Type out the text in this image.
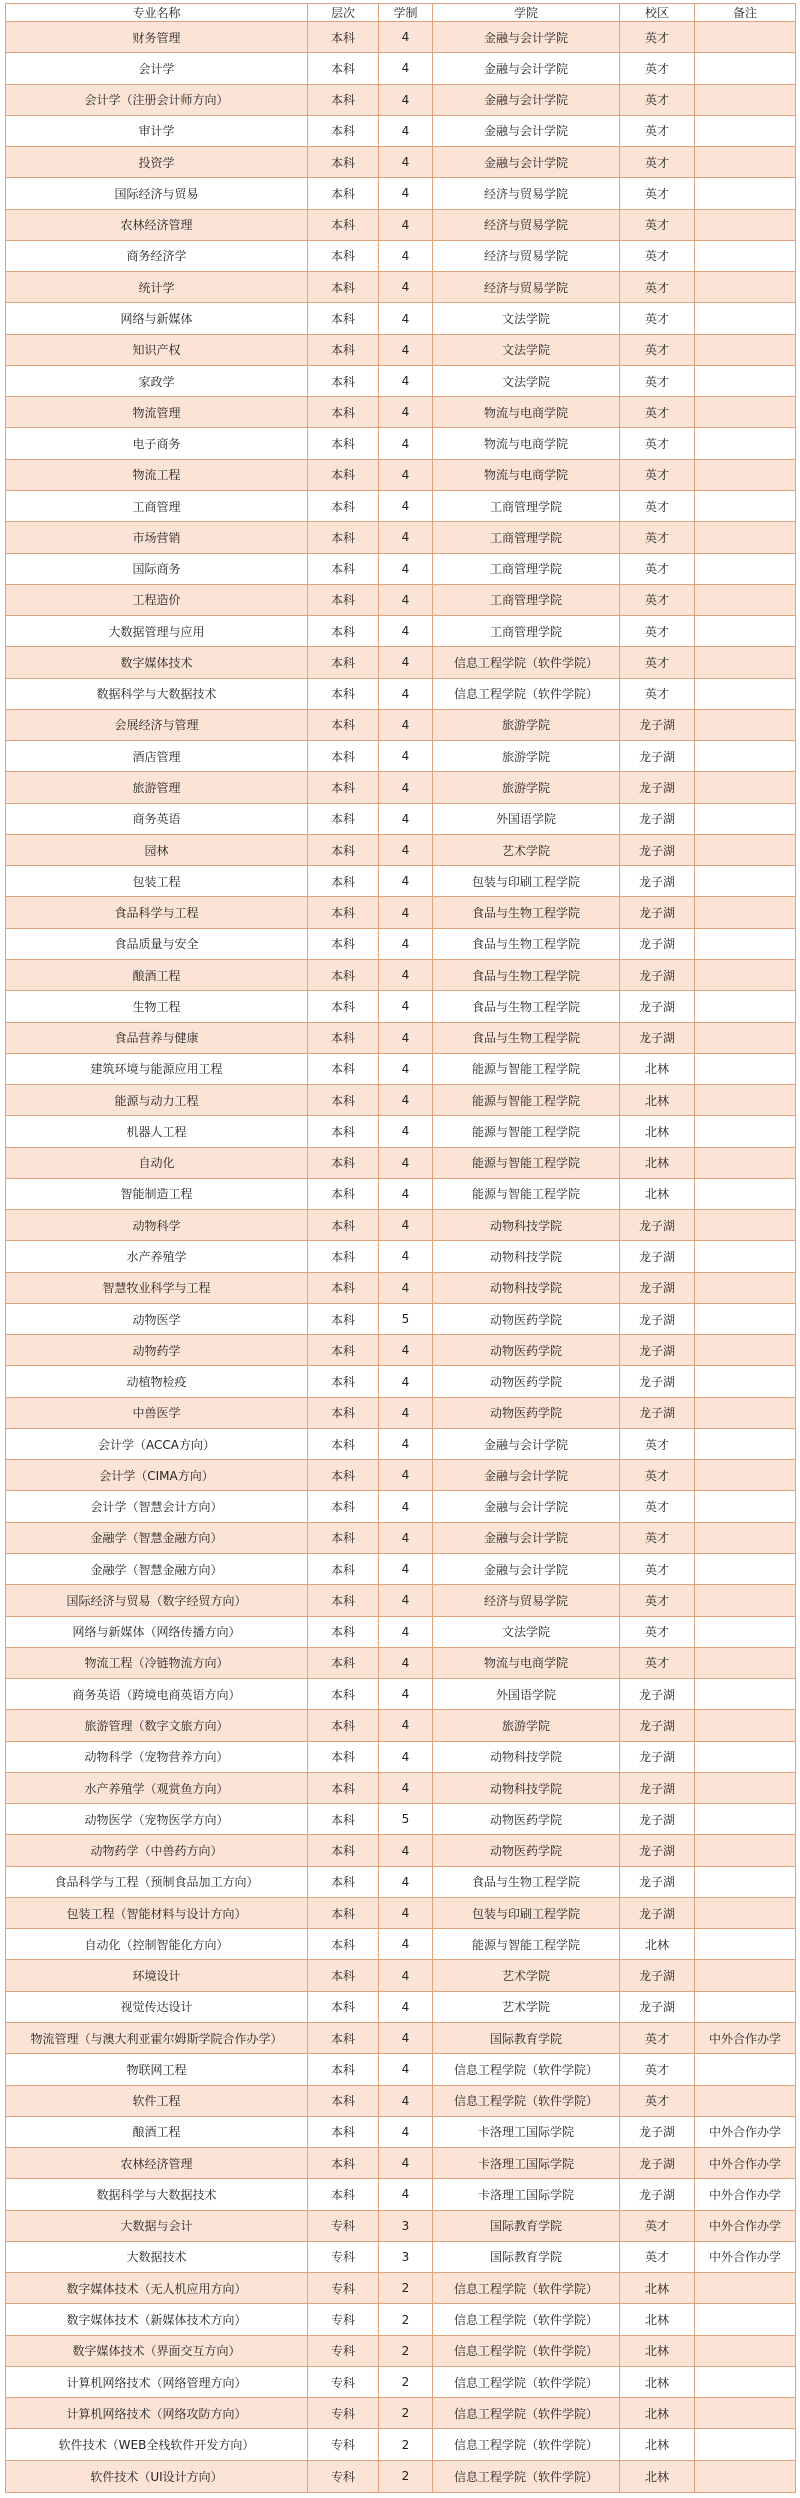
专业名称	层次	学制	学院	校区	备注
财务管理	本科	4	金融与会计学院	英才	
会计学	本科	4	金融与会计学院	英才	
会计学（注册会计师方向）	本科	4	金融与会计学院	英才	
审计学	本科	4	金融与会计学院	英才	
投资学	本科	4	金融与会计学院	英才	
国际经济与贸易	本科	4	经济与贸易学院	英才	
农林经济管理	本科	4	经济与贸易学院	英才	
商务经济学	本科	4	经济与贸易学院	英才	
统计学	本科	4	经济与贸易学院	英才	
网络与新媒体	本科	4	文法学院	英才	
知识产权	本科	4	文法学院	英才	
家政学	本科	4	文法学院	英才	
物流管理	本科	4	物流与电商学院	英才	
电子商务	本科	4	物流与电商学院	英才	
物流工程	本科	4	物流与电商学院	英才	
工商管理	本科	4	工商管理学院	英才	
市场营销	本科	4	工商管理学院	英才	
国际商务	本科	4	工商管理学院	英才	
工程造价	本科	4	工商管理学院	英才	
大数据管理与应用	本科	4	工商管理学院	英才	
数字媒体技术	本科	4	信息工程学院（软件学院）	英才	
数据科学与大数据技术	本科	4	信息工程学院（软件学院）	英才	
会展经济与管理	本科	4	旅游学院	龙子湖	
酒店管理	本科	4	旅游学院	龙子湖	
旅游管理	本科	4	旅游学院	龙子湖	
商务英语	本科	4	外国语学院	龙子湖	
园林	本科	4	艺术学院	龙子湖	
包装工程	本科	4	包装与印刷工程学院	龙子湖	
食品科学与工程	本科	4	食品与生物工程学院	龙子湖	
食品质量与安全	本科	4	食品与生物工程学院	龙子湖	
酿酒工程	本科	4	食品与生物工程学院	龙子湖	
生物工程	本科	4	食品与生物工程学院	龙子湖	
食品营养与健康	本科	4	食品与生物工程学院	龙子湖	
建筑环境与能源应用工程	本科	4	能源与智能工程学院	北林	
能源与动力工程	本科	4	能源与智能工程学院	北林	
机器人工程	本科	4	能源与智能工程学院	北林	
自动化	本科	4	能源与智能工程学院	北林	
智能制造工程	本科	4	能源与智能工程学院	北林	
动物科学	本科	4	动物科技学院	龙子湖	
水产养殖学	本科	4	动物科技学院	龙子湖	
智慧牧业科学与工程	本科	4	动物科技学院	龙子湖	
动物医学	本科	5	动物医药学院	龙子湖	
动物药学	本科	4	动物医药学院	龙子湖	
动植物检疫	本科	4	动物医药学院	龙子湖	
中兽医学	本科	4	动物医药学院	龙子湖	
会计学（ACCA方向）	本科	4	金融与会计学院	英才	
会计学（CIMA方向）	本科	4	金融与会计学院	英才	
会计学（智慧会计方向）	本科	4	金融与会计学院	英才	
金融学（智慧金融方向）	本科	4	金融与会计学院	英才	
金融学（智慧金融方向）	本科	4	金融与会计学院	英才	
国际经济与贸易（数字经贸方向）	本科	4	经济与贸易学院	英才	
网络与新媒体（网络传播方向）	本科	4	文法学院	英才	
物流工程（冷链物流方向）	本科	4	物流与电商学院	英才	
商务英语（跨境电商英语方向）	本科	4	外国语学院	龙子湖	
旅游管理（数字文旅方向）	本科	4	旅游学院	龙子湖	
动物科学（宠物营养方向）	本科	4	动物科技学院	龙子湖	
水产养殖学（观赏鱼方向）	本科	4	动物科技学院	龙子湖	
动物医学（宠物医学方向）	本科	5	动物医药学院	龙子湖	
动物药学（中兽药方向）	本科	4	动物医药学院	龙子湖	
食品科学与工程（预制食品加工方向）	本科	4	食品与生物工程学院	龙子湖	
包装工程（智能材料与设计方向）	本科	4	包装与印刷工程学院	龙子湖	
自动化（控制智能化方向）	本科	4	能源与智能工程学院	北林	
环境设计	本科	4	艺术学院	龙子湖	
视觉传达设计	本科	4	艺术学院	龙子湖	
物流管理（与澳大利亚霍尔姆斯学院合作办学）	本科	4	国际教育学院	英才	中外合作办学
物联网工程	本科	4	信息工程学院（软件学院）	英才	
软件工程	本科	4	信息工程学院（软件学院）	英才	
酿酒工程	本科	4	卡洛理工国际学院	龙子湖	中外合作办学
农林经济管理	本科	4	卡洛理工国际学院	龙子湖	中外合作办学
数据科学与大数据技术	本科	4	卡洛理工国际学院	龙子湖	中外合作办学
大数据与会计	专科	3	国际教育学院	英才	中外合作办学
大数据技术	专科	3	国际教育学院	英才	中外合作办学
数字媒体技术（无人机应用方向）	专科	2	信息工程学院（软件学院）	北林	
数字媒体技术（新媒体技术方向）	专科	2	信息工程学院（软件学院）	北林	
数字媒体技术（界面交互方向）	专科	2	信息工程学院（软件学院）	北林	
计算机网络技术（网络管理方向）	专科	2	信息工程学院（软件学院）	北林	
计算机网络技术（网络攻防方向）	专科	2	信息工程学院（软件学院）	北林	
软件技术（WEB全栈软件开发方向）	专科	2	信息工程学院（软件学院）	北林	
软件技术（UI设计方向）	专科	2	信息工程学院（软件学院）	北林	
